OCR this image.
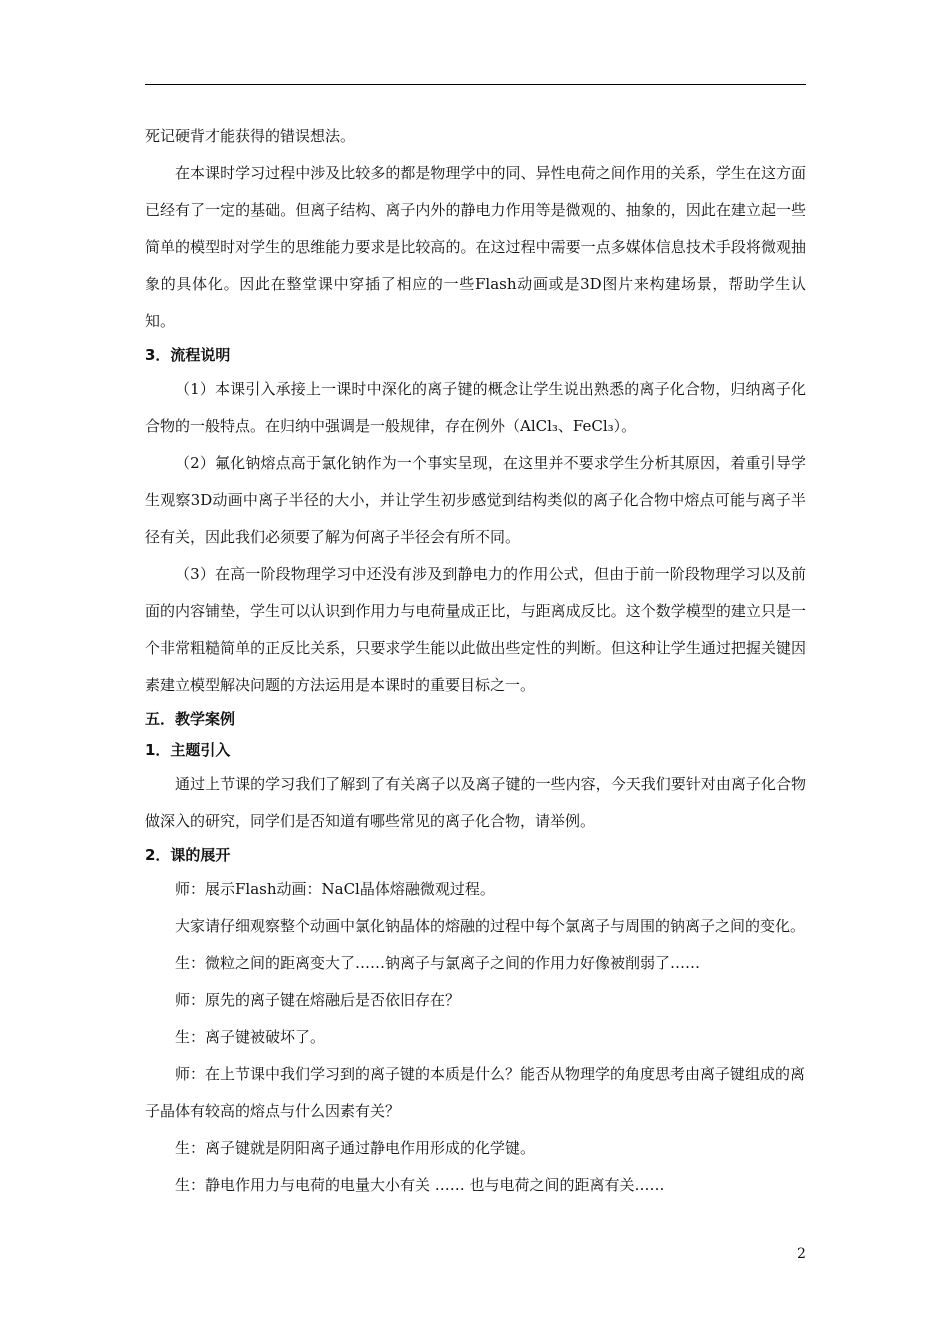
死记硬背才能获得的错误想法。

在本课时学习过程中涉及比较多的都是物理学中的同、异性电荷之间作用的关系，学生在这方面已经有了一定的基础。但离子结构、离子内外的静电力作用等是微观的、抽象的，因此在建立起一些简单的模型时对学生的思维能力要求是比较高的。在这过程中需要一点多媒体信息技术手段将微观抽象的具体化。因此在整堂课中穿插了相应的一些Flash动画或是3D图片来构建场景，帮助学生认知。

3．流程说明

（1）本课引入承接上一课时中深化的离子键的概念让学生说出熟悉的离子化合物，归纳离子化合物的一般特点。在归纳中强调是一般规律，存在例外（AlCl₃、FeCl₃）。

（2）氟化钠熔点高于氯化钠作为一个事实呈现，在这里并不要求学生分析其原因，着重引导学生观察3D动画中离子半径的大小，并让学生初步感觉到结构类似的离子化合物中熔点可能与离子半径有关，因此我们必须要了解为何离子半径会有所不同。

（3）在高一阶段物理学习中还没有涉及到静电力的作用公式，但由于前一阶段物理学习以及前面的内容铺垫，学生可以认识到作用力与电荷量成正比，与距离成反比。这个数学模型的建立只是一个非常粗糙简单的正反比关系，只要求学生能以此做出些定性的判断。但这种让学生通过把握关键因素建立模型解决问题的方法运用是本课时的重要目标之一。

五．教学案例

1．主题引入

通过上节课的学习我们了解到了有关离子以及离子键的一些内容，今天我们要针对由离子化合物做深入的研究，同学们是否知道有哪些常见的离子化合物，请举例。

2．课的展开

师：展示Flash动画：NaCl晶体熔融微观过程。

大家请仔细观察整个动画中氯化钠晶体的熔融的过程中每个氯离子与周围的钠离子之间的变化。

生：微粒之间的距离变大了……钠离子与氯离子之间的作用力好像被削弱了……

师：原先的离子键在熔融后是否依旧存在？

生：离子键被破坏了。

师：在上节课中我们学习到的离子键的本质是什么？能否从物理学的角度思考由离子键组成的离子晶体有较高的熔点与什么因素有关？

生：离子键就是阴阳离子通过静电作用形成的化学键。

生：静电作用力与电荷的电量大小有关 …… 也与电荷之间的距离有关……

2
